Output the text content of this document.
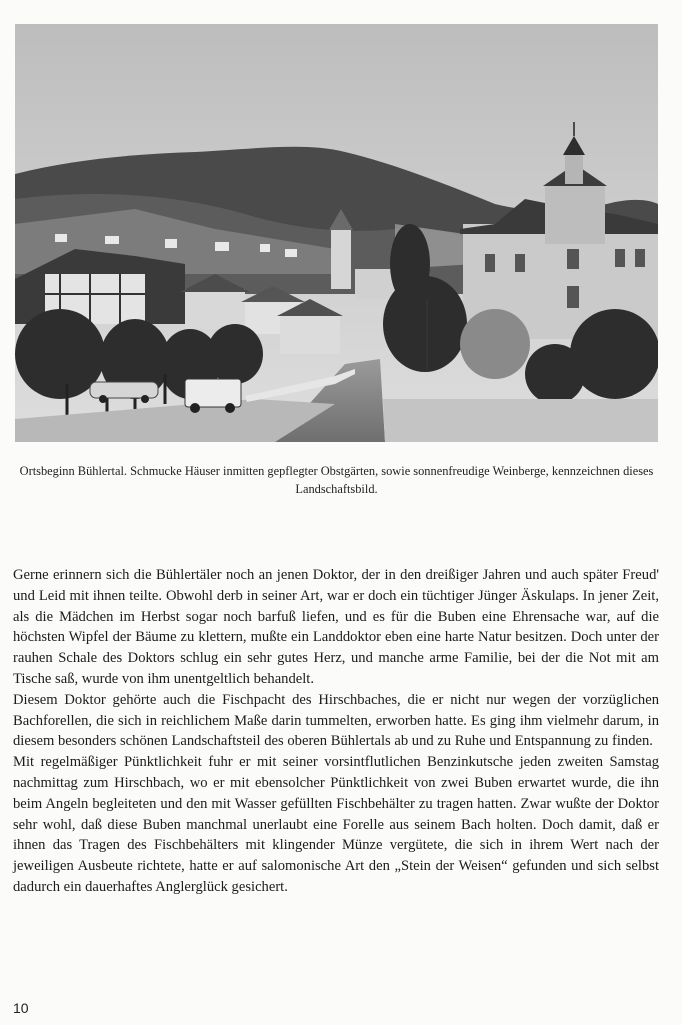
Ortsbeginn Bühlertal. Schmucke Häuser inmitten gepflegter Obstgärten, sowie sonnenfreudige Weinberge, kennzeichnen dieses Landschaftsbild.

Gerne erinnern sich die Bühlertäler noch an jenen Doktor, der in den dreißiger Jahren und auch später Freud' und Leid mit ihnen teilte. Obwohl derb in seiner Art, war er doch ein tüchtiger Jünger Äskulaps. In jener Zeit, als die Mädchen im Herbst sogar noch barfuß liefen, und es für die Buben eine Ehrensache war, auf die höchsten Wipfel der Bäume zu klettern, mußte ein Landdoktor eben eine harte Natur besitzen. Doch unter der rauhen Schale des Doktors schlug ein sehr gutes Herz, und manche arme Familie, bei der die Not mit am Tische saß, wurde von ihm unentgeltlich behandelt.

Diesem Doktor gehörte auch die Fischpacht des Hirschbaches, die er nicht nur wegen der vorzüglichen Bachforellen, die sich in reichlichem Maße darin tummelten, erworben hatte. Es ging ihm vielmehr darum, in diesem besonders schönen Landschaftsteil des oberen Bühlertals ab und zu Ruhe und Entspannung zu finden.

Mit regelmäßiger Pünktlichkeit fuhr er mit seiner vorsintflutlichen Benzinkutsche jeden zweiten Samstag nachmittag zum Hirschbach, wo er mit ebensolcher Pünktlichkeit von zwei Buben erwartet wurde, die ihn beim Angeln begleiteten und den mit Wasser gefüllten Fischbehälter zu tragen hatten. Zwar wußte der Doktor sehr wohl, daß diese Buben manchmal unerlaubt eine Forelle aus seinem Bach holten. Doch damit, daß er ihnen das Tragen des Fischbehälters mit klingender Münze vergütete, die sich in ihrem Wert nach der jeweiligen Ausbeute richtete, hatte er auf salomonische Art den „Stein der Weisen“ gefunden und sich selbst dadurch ein dauerhaftes Anglerglück gesichert.

10
